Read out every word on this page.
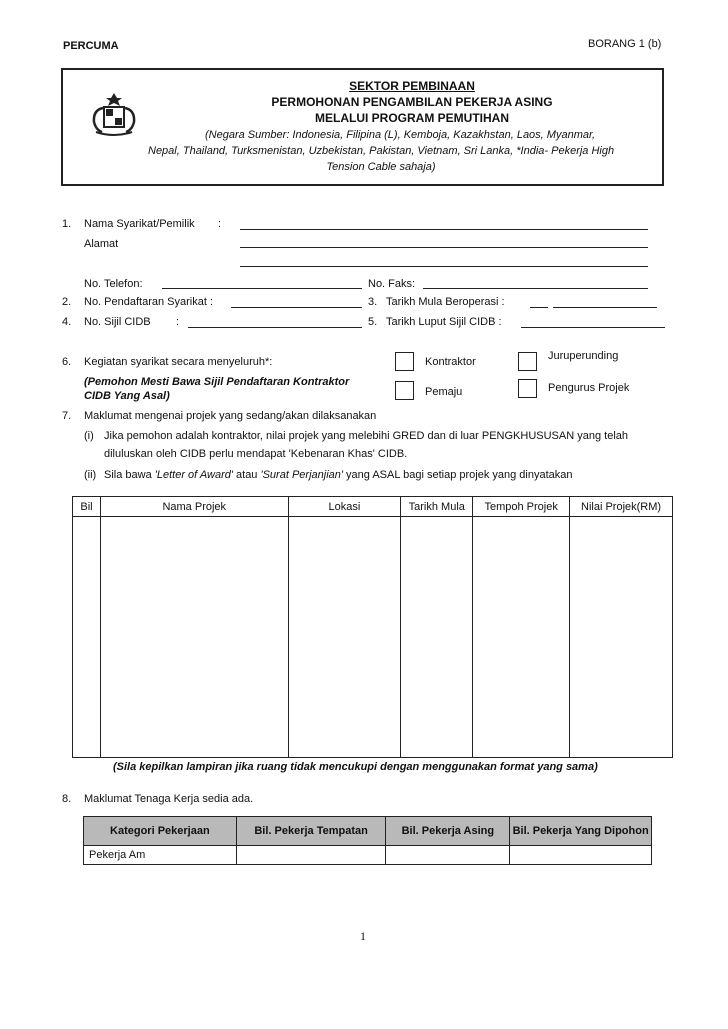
PERCUMA	BORANG 1 (b)
SEKTOR PEMBINAAN
PERMOHONAN PENGAMBILAN PEKERJA ASING
MELALUI PROGRAM PEMUTIHAN
(Negara Sumber: Indonesia, Filipina (L), Kemboja, Kazakhstan, Laos, Myanmar,
Nepal, Thailand, Turksmenistan, Uzbekistan, Pakistan, Vietnam, Sri Lanka, *India- Pekerja High
Tension Cable sahaja)
1. Nama Syarikat/Pemilik :
Alamat
No. Telefon:	No. Faks:
2. No. Pendaftaran Syarikat :	3. Tarikh Mula Beroperasi :
4. No. Sijil CIDB :	5. Tarikh Luput Sijil CIDB :
6. Kegiatan syarikat secara menyeluruh*:
(Pemohon Mesti Bawa Sijil Pendaftaran Kontraktor
CIDB Yang Asal)
Kontraktor	Juruperunding
Pemaju	Pengurus Projek
7. Maklumat mengenai projek yang sedang/akan dilaksanakan
(i) Jika pemohon adalah kontraktor, nilai projek yang melebihi GRED dan di luar PENGKHUSUSAN yang telah
diluluskan oleh CIDB perlu mendapat 'Kebenaran Khas' CIDB.
(ii) Sila bawa 'Letter of Award' atau 'Surat Perjanjian' yang ASAL bagi setiap projek yang dinyatakan
Bil	Nama Projek	Lokasi	Tarikh Mula	Tempoh Projek	Nilai Projek(RM)

(Sila kepilkan lampiran jika ruang tidak mencukupi dengan menggunakan format yang sama)
8. Maklumat Tenaga Kerja sedia ada.
Kategori Pekerjaan	Bil. Pekerja Tempatan	Bil. Pekerja Asing	Bil. Pekerja Yang Dipohon
Pekerja Am			
1
